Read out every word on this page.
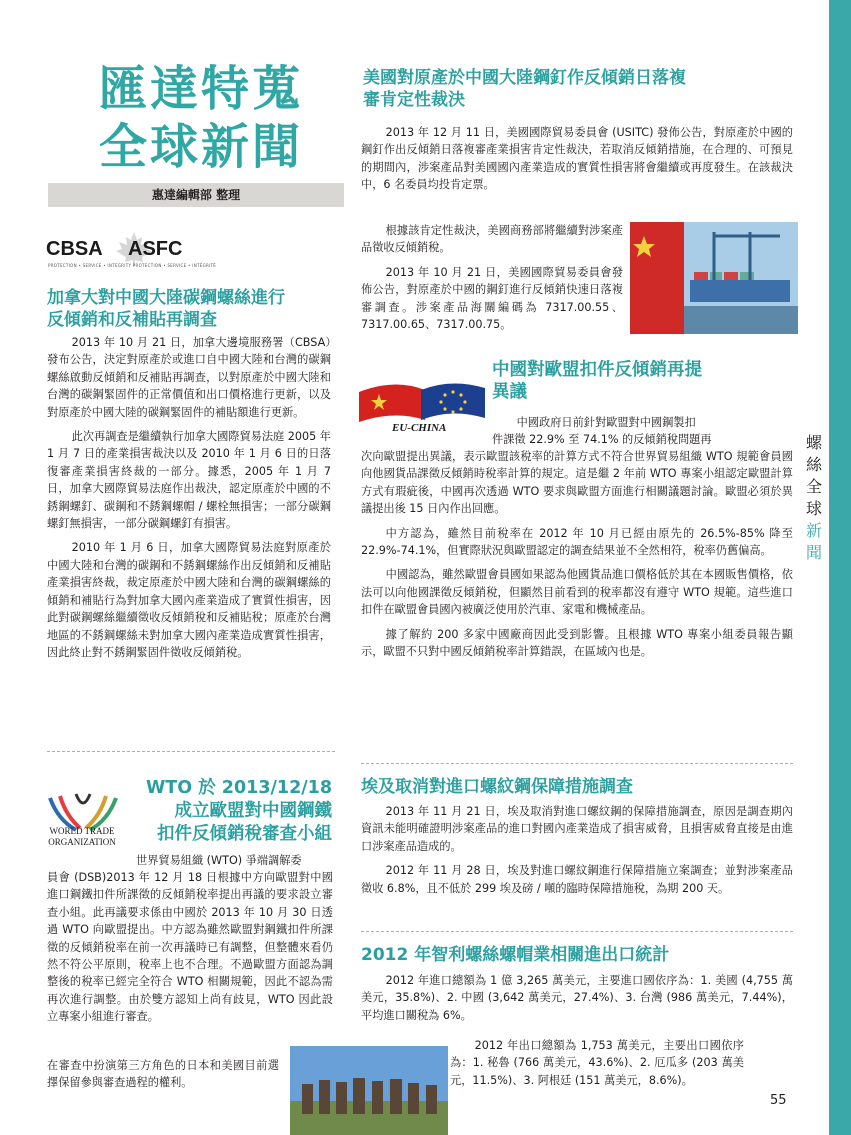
螺
絲
全
球
新
聞
匯達特蒐
全球新聞
惠達編輯部 整理
CBSA ASFC
PROTECTION • SERVICE • INTEGRITY PROTECTION • SERVICE • INTÉGRITÉ
加拿大對中國大陸碳鋼螺絲進行
反傾銷和反補貼再調查

2013 年 10 月 21 日，加拿大邊境服務署（CBSA）發布公告，決定對原產於或進口自中國大陸和台灣的碳鋼螺絲啟動反傾銷和反補貼再調查，以對原產於中國大陸和台灣的碳鋼緊固件的正常價值和出口價格進行更新，以及對原產於中國大陸的碳鋼緊固件的補貼額進行更新。

此次再調查是繼續執行加拿大國際貿易法庭 2005 年 1 月 7 日的產業損害裁決以及 2010 年 1 月 6 日的日落復審產業損害終裁的一部分。據悉，2005 年 1 月 7 日，加拿大國際貿易法庭作出裁決，認定原產於中國的不銹鋼螺釘、碳鋼和不銹鋼螺帽 / 螺栓無損害；一部分碳鋼螺釘無損害，一部分碳鋼螺釘有損害。

2010 年 1 月 6 日，加拿大國際貿易法庭對原產於中國大陸和台灣的碳鋼和不銹鋼螺絲作出反傾銷和反補貼產業損害終裁，裁定原產於中國大陸和台灣的碳鋼螺絲的傾銷和補貼行為對加拿大國內產業造成了實質性損害，因此對碳鋼螺絲繼續徵收反傾銷稅和反補貼稅；原產於台灣地區的不銹鋼螺絲未對加拿大國內產業造成實質性損害，因此終止對不銹鋼緊固件徵收反傾銷稅。

WORLD TRADE
ORGANIZATION
WTO 於 2013/12/18
成立歐盟對中國鋼鐵
扣件反傾銷稅審查小組
世界貿易組織 (WTO) 爭端調解委
員會 (DSB)2013 年 12 月 18 日根據中方向歐盟對中國進口鋼鐵扣件所課徵的反傾銷稅率提出再議的要求設立審查小組。此再議要求係由中國於 2013 年 10 月 30 日透過 WTO 向歐盟提出。中方認為雖然歐盟對鋼鐵扣件所課徵的反傾銷稅率在前一次再議時已有調整，但整體來看仍然不符公平原則，稅率上也不合理。不過歐盟方面認為調整後的稅率已經完全符合 WTO 相關規範，因此不認為需再次進行調整。由於雙方認知上尚有歧見，WTO 因此設立專案小組進行審查。
在審查中扮演第三方角色的日本和美國目前選擇保留參與審查過程的權利。
美國對原產於中國大陸鋼釘作反傾銷日落複
審肯定性裁決

2013 年 12 月 11 日，美國國際貿易委員會 (USITC) 發佈公告，對原產於中國的鋼釘作出反傾銷日落複審產業損害肯定性裁決，若取消反傾銷措施，在合理的、可預見的期間內，涉案產品對美國國內產業造成的實質性損害將會繼續或再度發生。在該裁決中，6 名委員均投肯定票。

根據該肯定性裁決，美國商務部將繼續對涉案產品徵收反傾銷稅。

2013 年 10 月 21 日，美國國際貿易委員會發佈公告，對原產於中國的鋼釘進行反傾銷快速日落複審調查。涉案產品海關編碼為 7317.00.55、7317.00.65、7317.00.75。

EU-CHINA
中國對歐盟扣件反傾銷再提
異議
中國政府日前針對歐盟對中國鋼製扣
件課徵 22.9% 至 74.1% 的反傾銷稅問題再
次向歐盟提出異議，表示歐盟該稅率的計算方式不符合世界貿易組織 WTO 規範會員國向他國貨品課徵反傾銷時稅率計算的規定。這是繼 2 年前 WTO 專案小組認定歐盟計算方式有瑕疵後，中國再次透過 WTO 要求與歐盟方面進行相關議題討論。歐盟必須於異議提出後 15 日內作出回應。

中方認為，雖然目前稅率在 2012 年 10 月已經由原先的 26.5%-85% 降至 22.9%-74.1%，但實際狀況與歐盟認定的調查結果並不全然相符，稅率仍舊偏高。

中國認為，雖然歐盟會員國如果認為他國貨品進口價格低於其在本國販售價格，依法可以向他國課徵反傾銷稅，但顯然目前看到的稅率都沒有遵守 WTO 規範。這些進口扣件在歐盟會員國內被廣泛使用於汽車、家電和機械產品。

據了解約 200 多家中國廠商因此受到影響。且根據 WTO 專案小組委員報告顯示，歐盟不只對中國反傾銷稅率計算錯誤，在區域內也是。

埃及取消對進口螺紋鋼保障措施調查

2013 年 11 月 21 日，埃及取消對進口螺紋鋼的保障措施調查，原因是調查期內資訊未能明確證明涉案產品的進口對國內產業造成了損害威脅，且損害威脅直接是由進口涉案產品造成的。

2012 年 11 月 28 日，埃及對進口螺紋鋼進行保障措施立案調查；並對涉案產品徵收 6.8%，且不低於 299 埃及磅 / 噸的臨時保障措施稅，為期 200 天。

2012 年智利螺絲螺帽業相關進出口統計

2012 年進口總額為 1 億 3,265 萬美元，主要進口國依序為：1. 美國 (4,755 萬美元，35.8%)、2. 中國 (3,642 萬美元，27.4%)、3. 台灣 (986 萬美元，7.44%)，平均進口關稅為 6%。

2012 年出口總額為 1,753 萬美元，主要出口國依序為：1. 秘魯 (766 萬美元，43.6%)、2. 厄瓜多 (203 萬美元，11.5%)、3. 阿根廷 (151 萬美元，8.6%)。

55
